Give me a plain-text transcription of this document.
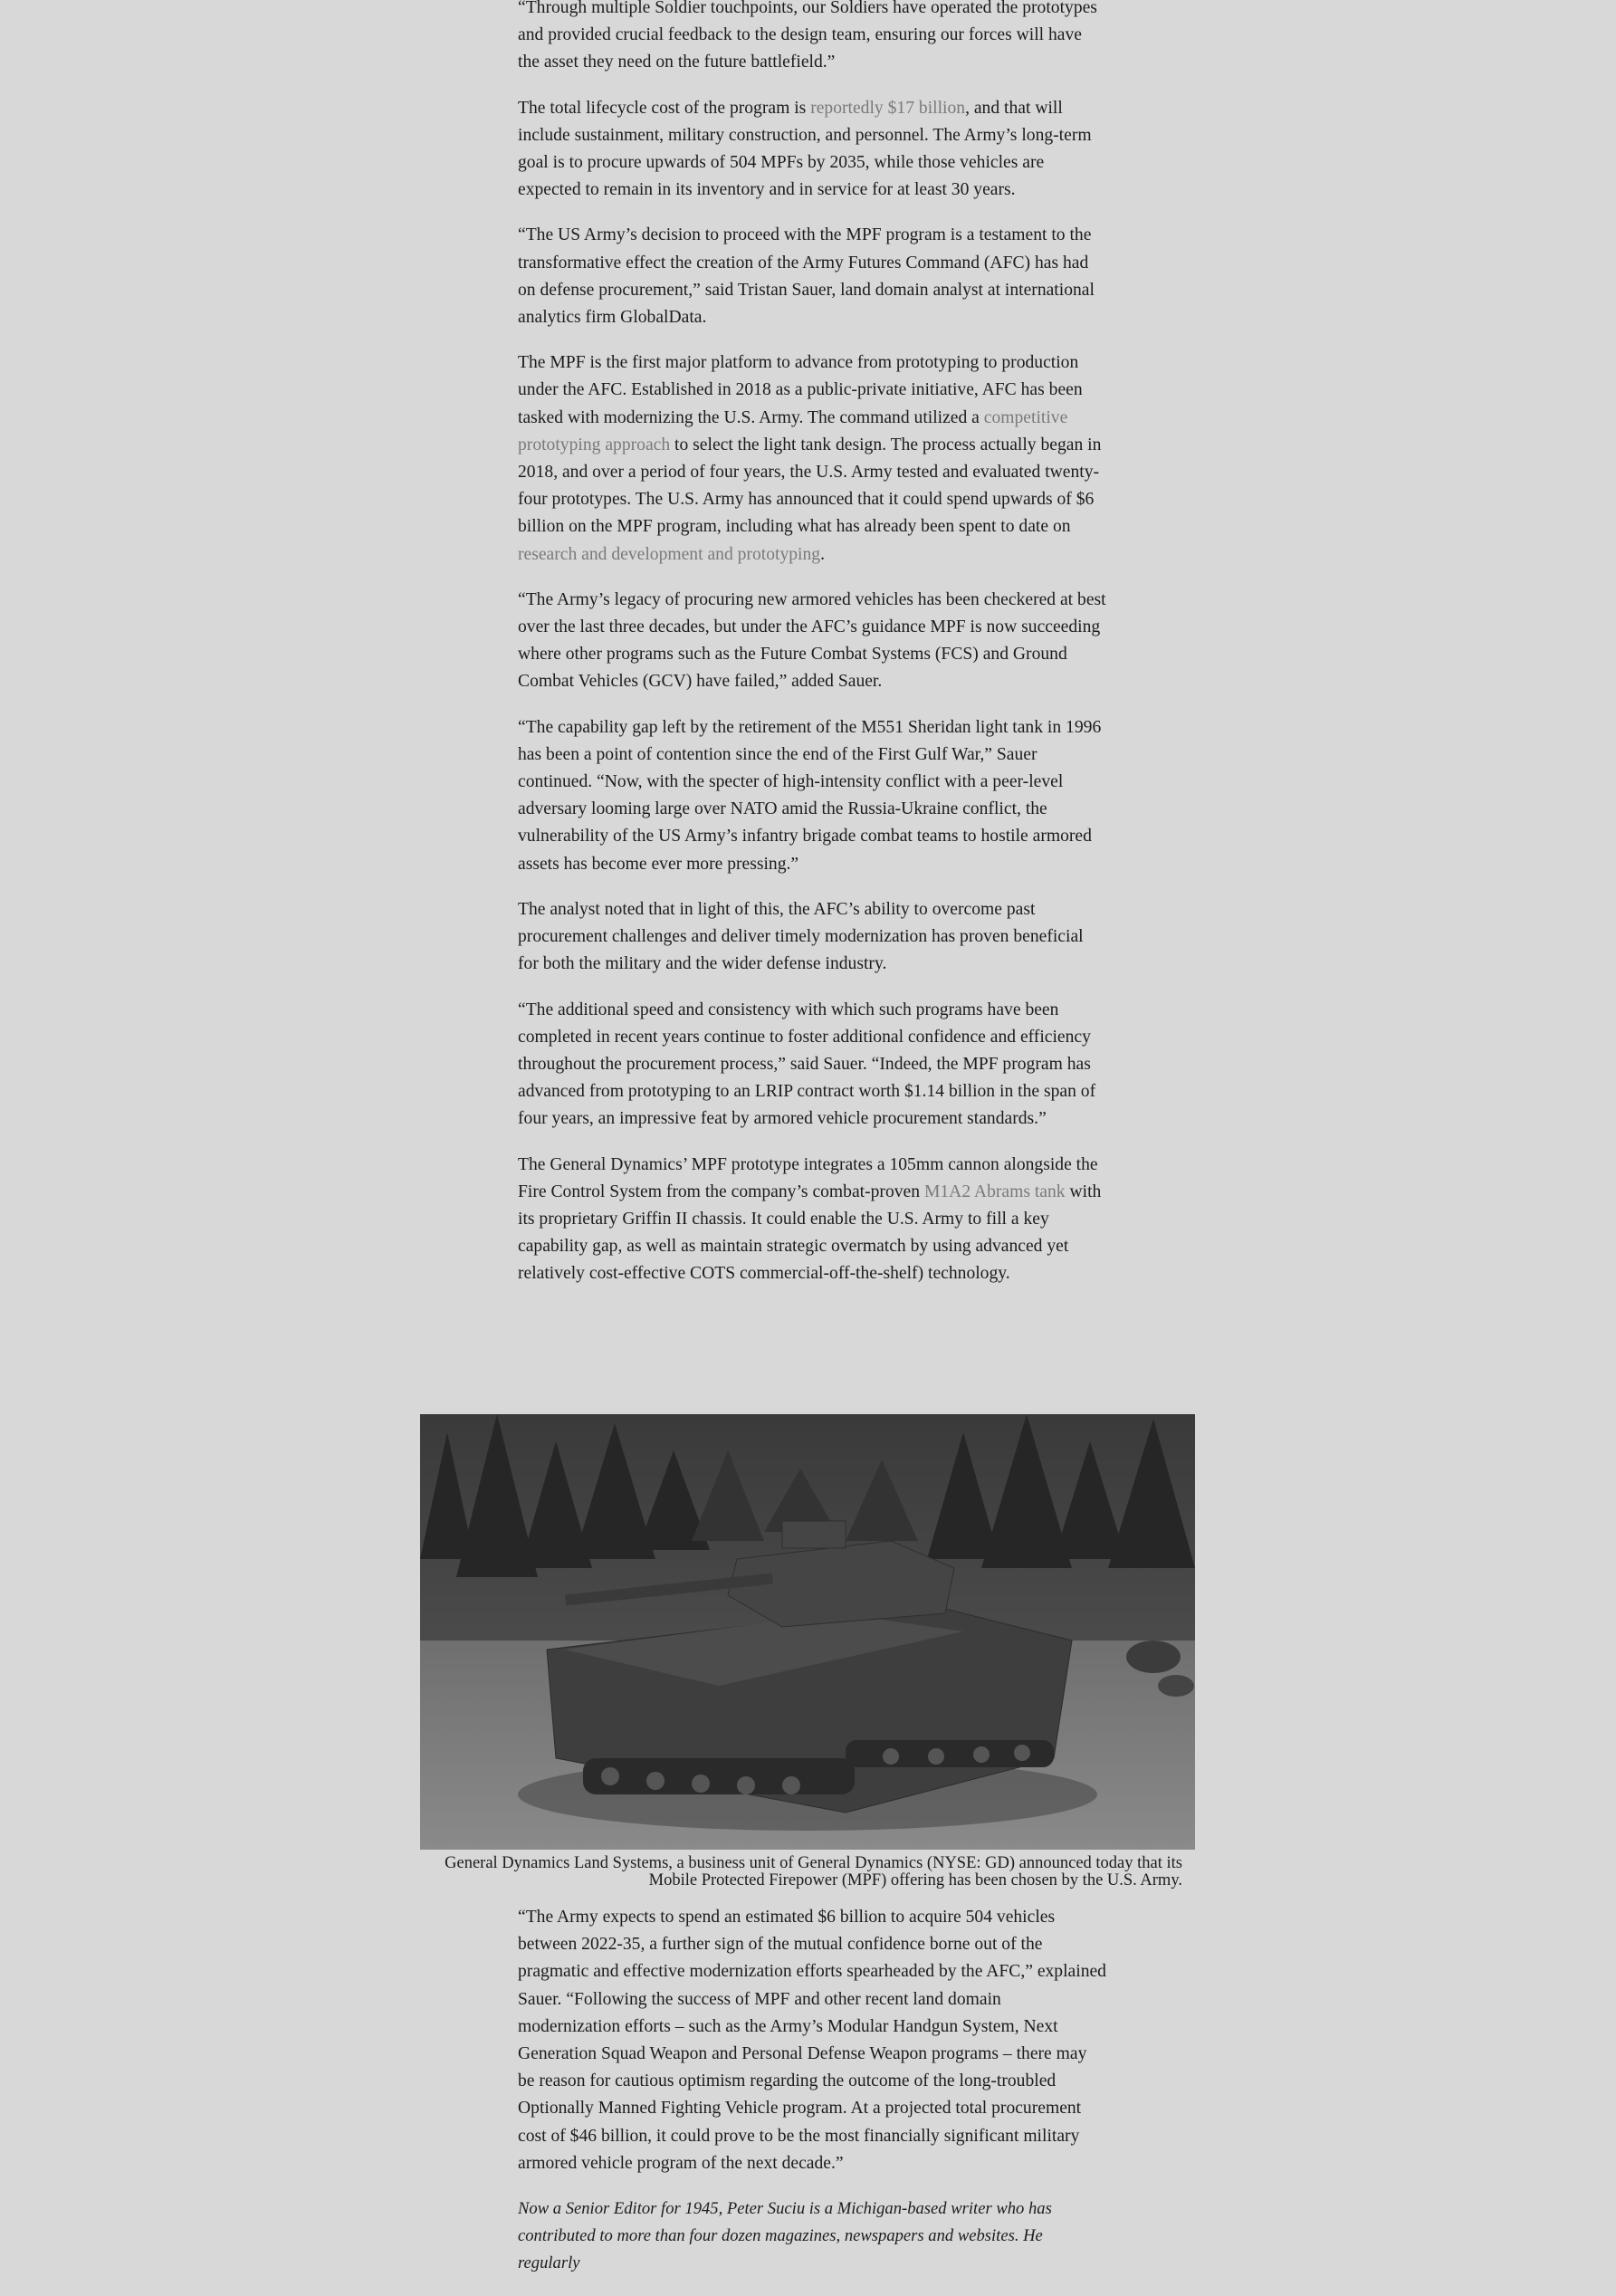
“Through multiple Soldier touchpoints, our Soldiers have operated the prototypes and provided crucial feedback to the design team, ensuring our forces will have the asset they need on the future battlefield.”

The total lifecycle cost of the program is reportedly $17 billion, and that will include sustainment, military construction, and personnel. The Army’s long-term goal is to procure upwards of 504 MPFs by 2035, while those vehicles are expected to remain in its inventory and in service for at least 30 years.

“The US Army’s decision to proceed with the MPF program is a testament to the transformative effect the creation of the Army Futures Command (AFC) has had on defense procurement,” said Tristan Sauer, land domain analyst at international analytics firm GlobalData.

The MPF is the first major platform to advance from prototyping to production under the AFC. Established in 2018 as a public-private initiative, AFC has been tasked with modernizing the U.S. Army. The command utilized a competitive prototyping approach to select the light tank design. The process actually began in 2018, and over a period of four years, the U.S. Army tested and evaluated twenty-four prototypes. The U.S. Army has announced that it could spend upwards of $6 billion on the MPF program, including what has already been spent to date on research and development and prototyping.

“The Army’s legacy of procuring new armored vehicles has been checkered at best over the last three decades, but under the AFC’s guidance MPF is now succeeding where other programs such as the Future Combat Systems (FCS) and Ground Combat Vehicles (GCV) have failed,” added Sauer.

“The capability gap left by the retirement of the M551 Sheridan light tank in 1996 has been a point of contention since the end of the First Gulf War,” Sauer continued. “Now, with the specter of high-intensity conflict with a peer-level adversary looming large over NATO amid the Russia-Ukraine conflict, the vulnerability of the US Army’s infantry brigade combat teams to hostile armored assets has become ever more pressing.”

The analyst noted that in light of this, the AFC’s ability to overcome past procurement challenges and deliver timely modernization has proven beneficial for both the military and the wider defense industry.

“The additional speed and consistency with which such programs have been completed in recent years continue to foster additional confidence and efficiency throughout the procurement process,” said Sauer. “Indeed, the MPF program has advanced from prototyping to an LRIP contract worth $1.14 billion in the span of four years, an impressive feat by armored vehicle procurement standards.”

The General Dynamics’ MPF prototype integrates a 105mm cannon alongside the Fire Control System from the company’s combat-proven M1A2 Abrams tank with its proprietary Griffin II chassis. It could enable the U.S. Army to fill a key capability gap, as well as maintain strategic overmatch by using advanced yet relatively cost-effective COTS commercial-off-the-shelf) technology.

General Dynamics Land Systems, a business unit of General Dynamics (NYSE: GD) announced today that its Mobile Protected Firepower (MPF) offering has been chosen by the U.S. Army.

“The Army expects to spend an estimated $6 billion to acquire 504 vehicles between 2022-35, a further sign of the mutual confidence borne out of the pragmatic and effective modernization efforts spearheaded by the AFC,” explained Sauer. “Following the success of MPF and other recent land domain modernization efforts – such as the Army’s Modular Handgun System, Next Generation Squad Weapon and Personal Defense Weapon programs – there may be reason for cautious optimism regarding the outcome of the long-troubled Optionally Manned Fighting Vehicle program. At a projected total procurement cost of $46 billion, it could prove to be the most financially significant military armored vehicle program of the next decade.”

Now a Senior Editor for 1945, Peter Suciu is a Michigan-based writer who has contributed to more than four dozen magazines, newspapers and websites. He regularly
